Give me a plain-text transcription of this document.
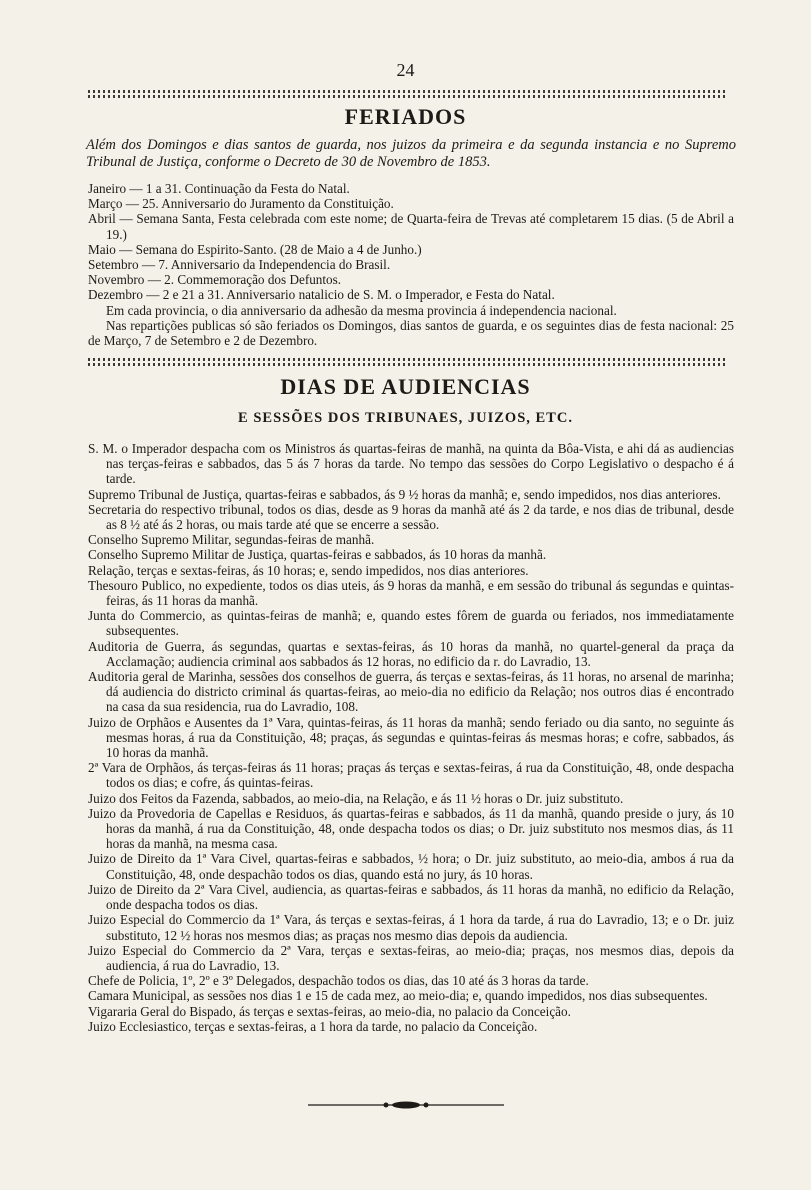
24
FERIADOS
Além dos Domingos e dias santos de guarda, nos juizos da primeira e da segunda instancia e no Supremo Tribunal de Justiça, conforme o Decreto de 30 de Novembro de 1853.

Janeiro — 1 a 31. Continuação da Festa do Natal.

Março — 25. Anniversario do Juramento da Constituição.

Abril — Semana Santa, Festa celebrada com este nome; de Quarta-feira de Trevas até completarem 15 dias. (5 de Abril a 19.)

Maio — Semana do Espirito-Santo. (28 de Maio a 4 de Junho.)

Setembro — 7. Anniversario da Independencia do Brasil.

Novembro — 2. Commemoração dos Defuntos.

Dezembro — 2 e 21 a 31. Anniversario natalicio de S. M. o Imperador, e Festa do Natal.

Em cada provincia, o dia anniversario da adhesão da mesma provincia á independencia nacional.

Nas repartições publicas só são feriados os Domingos, dias santos de guarda, e os seguintes dias de festa nacional: 25 de Março, 7 de Setembro e 2 de Dezembro.

DIAS DE AUDIENCIAS
E SESSÕES DOS TRIBUNAES, JUIZOS, ETC.

S. M. o Imperador despacha com os Ministros ás quartas-feiras de manhã, na quinta da Bôa-Vista, e ahi dá as audiencias nas terças-feiras e sabbados, das 5 ás 7 horas da tarde. No tempo das sessões do Corpo Legislativo o despacho é á tarde.

Supremo Tribunal de Justiça, quartas-feiras e sabbados, ás 9 ½ horas da manhã; e, sendo impedidos, nos dias anteriores.

Secretaria do respectivo tribunal, todos os dias, desde as 9 horas da manhã até ás 2 da tarde, e nos dias de tribunal, desde as 8 ½ até ás 2 horas, ou mais tarde até que se encerre a sessão.

Conselho Supremo Militar, segundas-feiras de manhã.

Conselho Supremo Militar de Justiça, quartas-feiras e sabbados, ás 10 horas da manhã.

Relação, terças e sextas-feiras, ás 10 horas; e, sendo impedidos, nos dias anteriores.

Thesouro Publico, no expediente, todos os dias uteis, ás 9 horas da manhã, e em sessão do tribunal ás segundas e quintas-feiras, ás 11 horas da manhã.

Junta do Commercio, as quintas-feiras de manhã; e, quando estes fôrem de guarda ou feriados, nos immediatamente subsequentes.

Auditoria de Guerra, ás segundas, quartas e sextas-feiras, ás 10 horas da manhã, no quartel-general da praça da Acclamação; audiencia criminal aos sabbados ás 12 horas, no edificio da r. do Lavradio, 13.

Auditoria geral de Marinha, sessões dos conselhos de guerra, ás terças e sextas-feiras, ás 11 horas, no arsenal de marinha; dá audiencia do districto criminal ás quartas-feiras, ao meio-dia no edificio da Relação; nos outros dias é encontrado na casa da sua residencia, rua do Lavradio, 108.

Juizo de Orphãos e Ausentes da 1ª Vara, quintas-feiras, ás 11 horas da manhã; sendo feriado ou dia santo, no seguinte ás mesmas horas, á rua da Constituição, 48; praças, ás segundas e quintas-feiras ás mesmas horas; e cofre, sabbados, ás 10 horas da manhã.

2ª Vara de Orphãos, ás terças-feiras ás 11 horas; praças ás terças e sextas-feiras, á rua da Constituição, 48, onde despacha todos os dias; e cofre, ás quintas-feiras.

Juizo dos Feitos da Fazenda, sabbados, ao meio-dia, na Relação, e ás 11 ½ horas o Dr. juiz substituto.

Juizo da Provedoria de Capellas e Residuos, ás quartas-feiras e sabbados, ás 11 da manhã, quando preside o jury, ás 10 horas da manhã, á rua da Constituição, 48, onde despacha todos os dias; o Dr. juiz substituto nos mesmos dias, ás 11 horas da manhã, na mesma casa.

Juizo de Direito da 1ª Vara Civel, quartas-feiras e sabbados, ½ hora; o Dr. juiz substituto, ao meio-dia, ambos á rua da Constituição, 48, onde despachão todos os dias, quando está no jury, ás 10 horas.

Juizo de Direito da 2ª Vara Civel, audiencia, as quartas-feiras e sabbados, ás 11 horas da manhã, no edificio da Relação, onde despacha todos os dias.

Juizo Especial do Commercio da 1ª Vara, ás terças e sextas-feiras, á 1 hora da tarde, á rua do Lavradio, 13; e o Dr. juiz substituto, 12 ½ horas nos mesmos dias; as praças nos mesmo dias depois da audiencia.

Juizo Especial do Commercio da 2ª Vara, terças e sextas-feiras, ao meio-dia; praças, nos mesmos dias, depois da audiencia, á rua do Lavradio, 13.

Chefe de Policia, 1º, 2º e 3º Delegados, despachão todos os dias, das 10 até ás 3 horas da tarde.

Camara Municipal, as sessões nos dias 1 e 15 de cada mez, ao meio-dia; e, quando impedidos, nos dias subsequentes.

Vigararia Geral do Bispado, ás terças e sextas-feiras, ao meio-dia, no palacio da Conceição.

Juizo Ecclesiastico, terças e sextas-feiras, a 1 hora da tarde, no palacio da Conceição.
